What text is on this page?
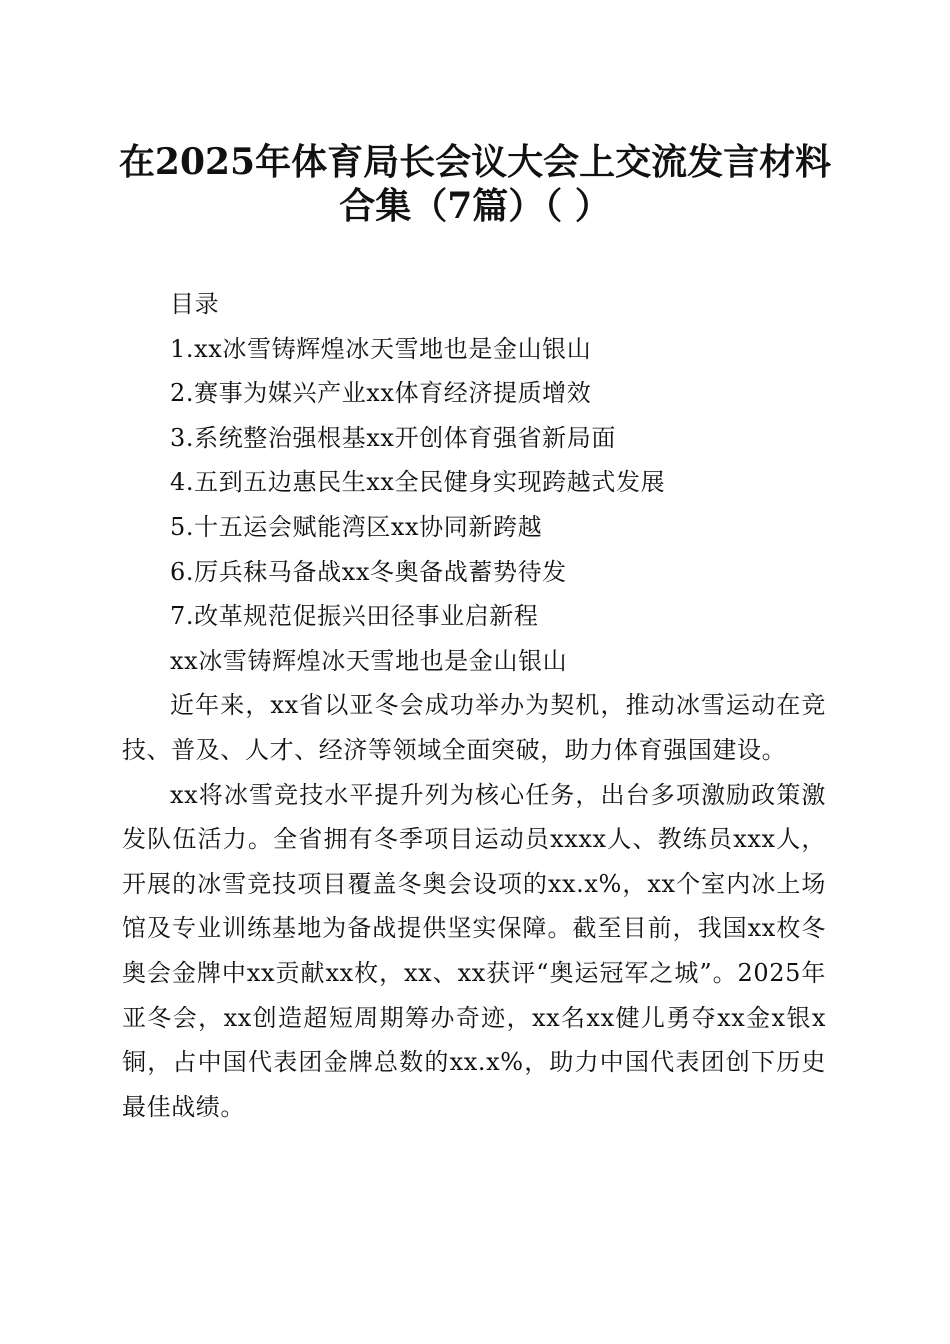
在2025年体育局长会议大会上交流发言材料
合集（7篇）（ ）
目录
1.xx冰雪铸辉煌冰天雪地也是金山银山
2.赛事为媒兴产业xx体育经济提质增效
3.系统整治强根基xx开创体育强省新局面
4.五到五边惠民生xx全民健身实现跨越式发展
5.十五运会赋能湾区xx协同新跨越
6.厉兵秣马备战xx冬奥备战蓄势待发
7.改革规范促振兴田径事业启新程
xx冰雪铸辉煌冰天雪地也是金山银山

近年来，xx省以亚冬会成功举办为契机，推动冰雪运动在竞技、普及、人才、经济等领域全面突破，助力体育强国建设。

xx将冰雪竞技水平提升列为核心任务，出台多项激励政策激发队伍活力。全省拥有冬季项目运动员xxxx人、教练员xxx人，开展的冰雪竞技项目覆盖冬奥会设项的xx.x%，xx个室内冰上场馆及专业训练基地为备战提供坚实保障。截至目前，我国xx枚冬奥会金牌中xx贡献xx枚，xx、xx获评“奥运冠军之城”。2025年亚冬会，xx创造超短周期筹办奇迹，xx名xx健儿勇夺xx金x银x铜，占中国代表团金牌总数的xx.x%，助力中国代表团创下历史最佳战绩。
